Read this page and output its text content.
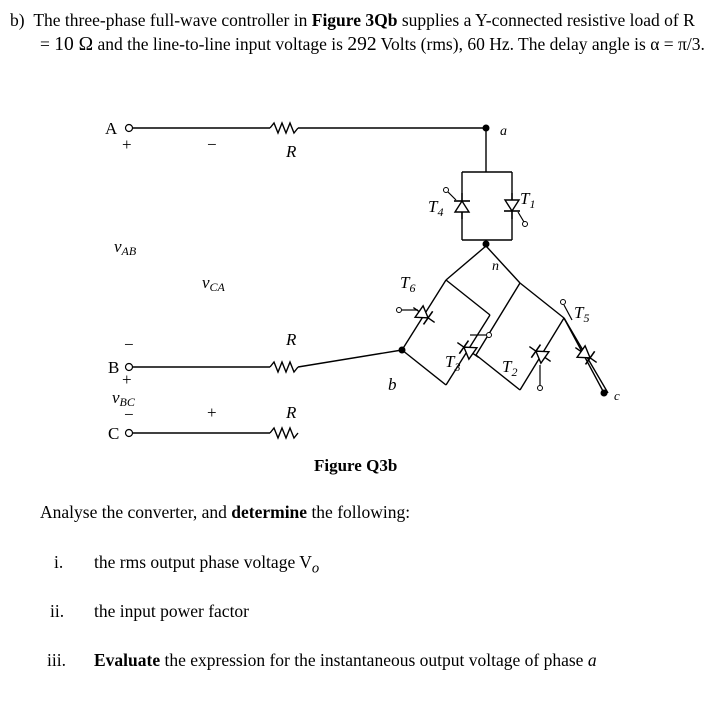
b) The three-phase full-wave controller in Figure 3Qb supplies a Y-connected resistive load of R = 10 Ω and the line-to-line input voltage is 292 Volts (rms), 60 Hz. The delay angle is α = π/3.
A
+	−	R
a
vAB
vCA
$T_4$
$T_1$
n
$T_6$
$T_5$
R
−
B
+
$T_3$ $T_2$
b
c
vBC
R
+
−
C
Figure Q3b
Analyse the converter, and determine the following:
i. the rms output phase voltage $V_o$
ii. the input power factor
iii. Evaluate the expression for the instantaneous output voltage of phase a
